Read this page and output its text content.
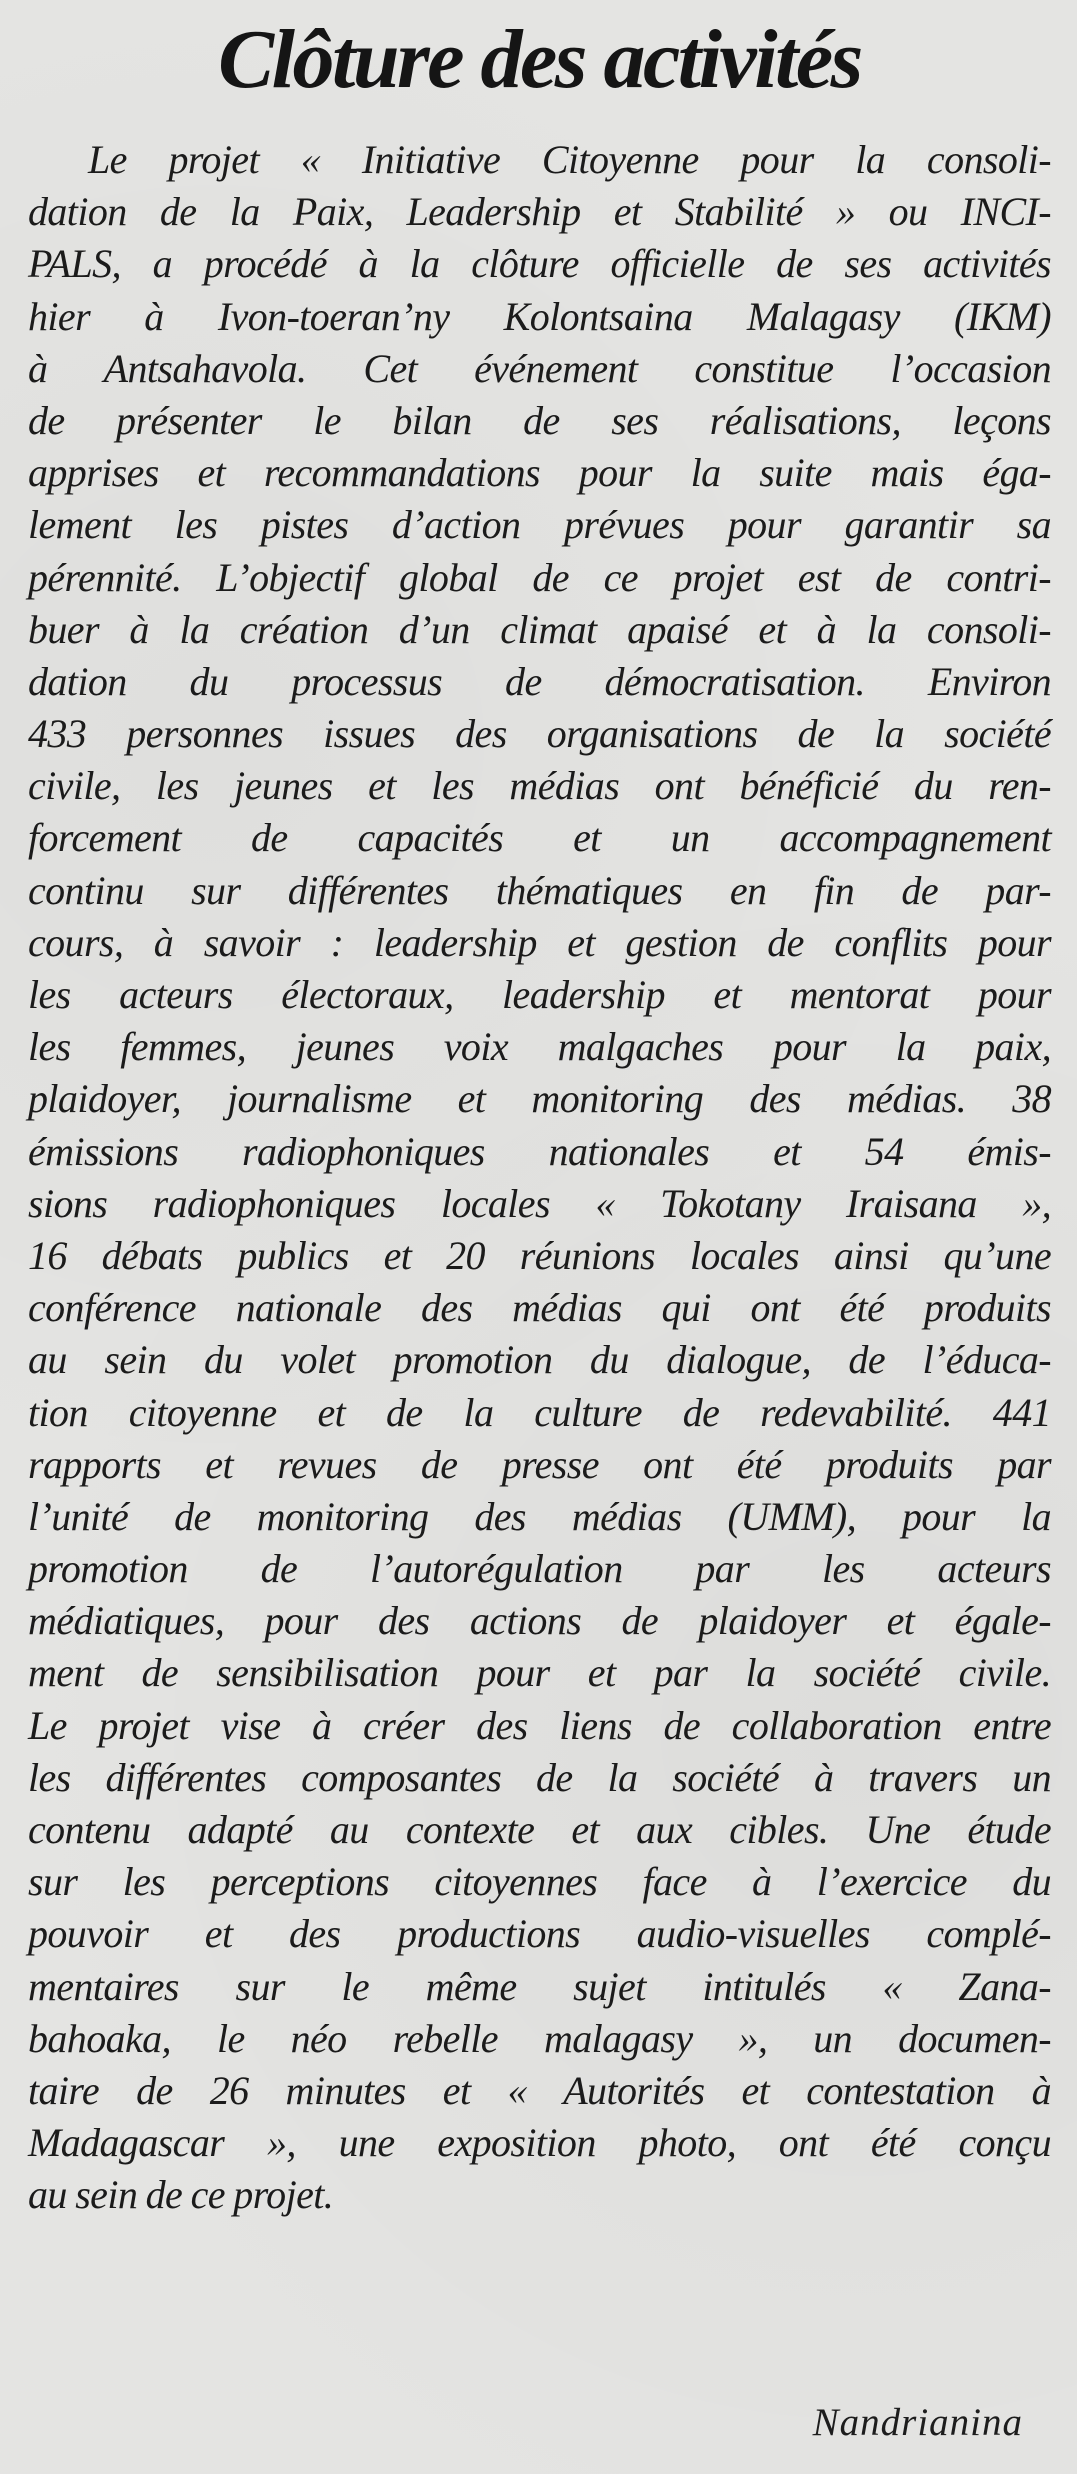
Clôture des activités
Le projet « Initiative Citoyenne pour la consoli-
dation de la Paix, Leadership et Stabilité » ou INCI-
PALS, a procédé à la clôture officielle de ses activités
hier à Ivon-toeran’ny Kolontsaina Malagasy (IKM)
à Antsahavola. Cet événement constitue l’occasion
de présenter le bilan de ses réalisations, leçons
apprises et recommandations pour la suite mais éga-
lement les pistes d’action prévues pour garantir sa
pérennité. L’objectif global de ce projet est de contri-
buer à la création d’un climat apaisé et à la consoli-
dation du processus de démocratisation. Environ
433 personnes issues des organisations de la société
civile, les jeunes et les médias ont bénéficié du ren-
forcement de capacités et un accompagnement
continu sur différentes thématiques en fin de par-
cours, à savoir : leadership et gestion de conflits pour
les acteurs électoraux, leadership et mentorat pour
les femmes, jeunes voix malgaches pour la paix,
plaidoyer, journalisme et monitoring des médias. 38
émissions radiophoniques nationales et 54 émis-
sions radiophoniques locales « Tokotany Iraisana »,
16 débats publics et 20 réunions locales ainsi qu’une
conférence nationale des médias qui ont été produits
au sein du volet promotion du dialogue, de l’éduca-
tion citoyenne et de la culture de redevabilité. 441
rapports et revues de presse ont été produits par
l’unité de monitoring des médias (UMM), pour la
promotion de l’autorégulation par les acteurs
médiatiques, pour des actions de plaidoyer et égale-
ment de sensibilisation pour et par la société civile.
Le projet vise à créer des liens de collaboration entre
les différentes composantes de la société à travers un
contenu adapté au contexte et aux cibles. Une étude
sur les perceptions citoyennes face à l’exercice du
pouvoir et des productions audio-visuelles complé-
mentaires sur le même sujet intitulés « Zana-
bahoaka, le néo rebelle malagasy », un documen-
taire de 26 minutes et « Autorités et contestation à
Madagascar », une exposition photo, ont été conçu
au sein de ce projet.
Nandrianina
